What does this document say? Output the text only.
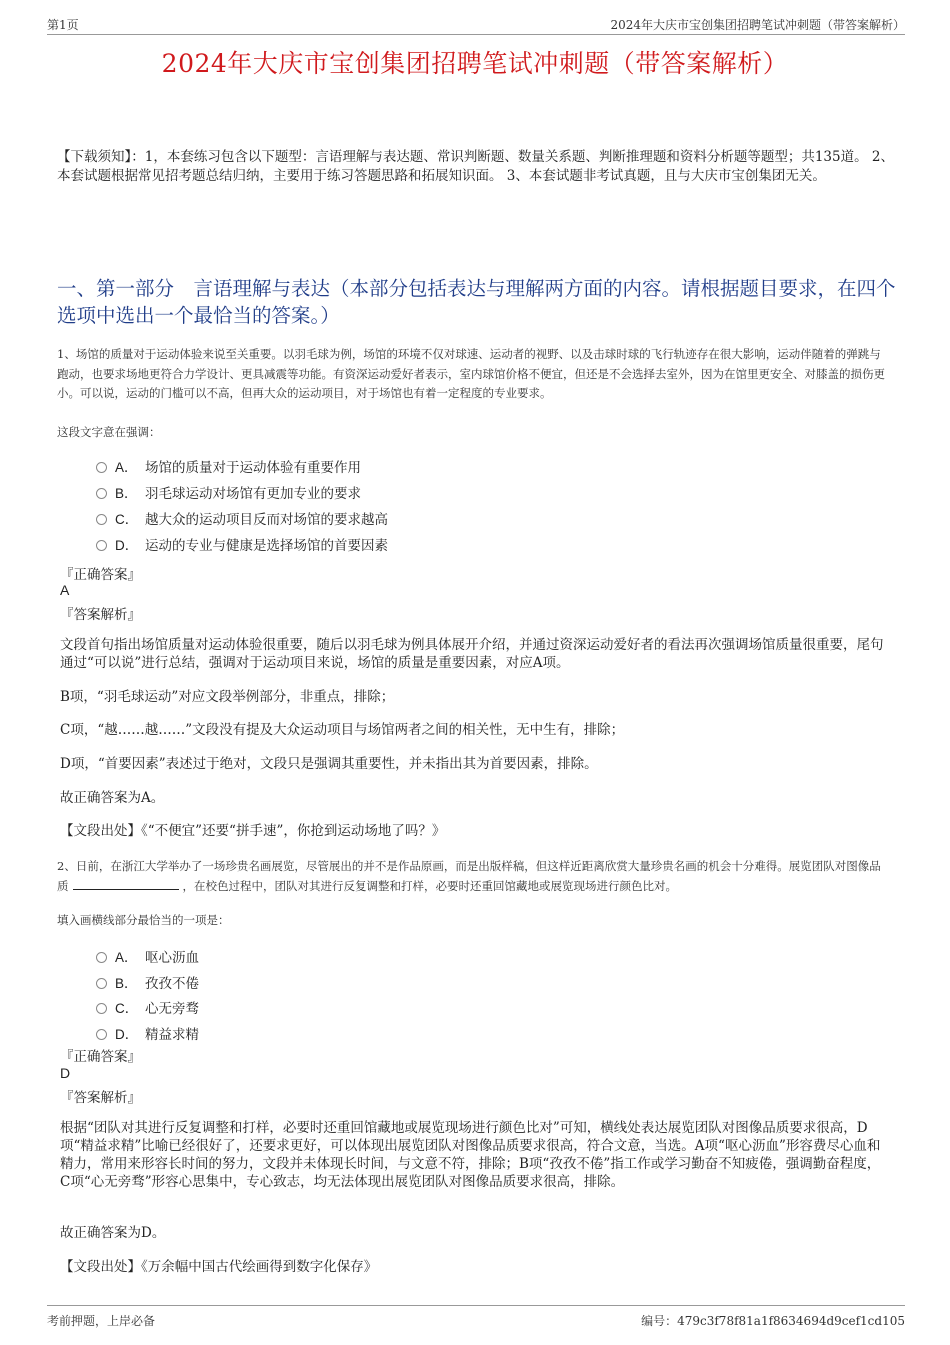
第1页	2024年大庆市宝创集团招聘笔试冲刺题（带答案解析）
2024年大庆市宝创集团招聘笔试冲刺题（带答案解析）
【下载须知】：1，本套练习包含以下题型：言语理解与表达题、常识判断题、数量关系题、判断推理题和资料分析题等题型；共135道。 2、本套试题根据常见招考题总结归纳，主要用于练习答题思路和拓展知识面。 3、本套试题非考试真题，且与大庆市宝创集团无关。
一、第一部分　言语理解与表达（本部分包括表达与理解两方面的内容。请根据题目要求，在四个选项中选出一个最恰当的答案。）
1、场馆的质量对于运动体验来说至关重要。以羽毛球为例，场馆的环境不仅对球速、运动者的视野、以及击球时球的飞行轨迹存在很大影响，运动伴随着的弹跳与跑动，也要求场地更符合力学设计、更具减震等功能。有资深运动爱好者表示，室内球馆价格不便宜，但还是不会选择去室外，因为在馆里更安全、对膝盖的损伤更小。可以说，运动的门槛可以不高，但再大众的运动项目，对于场馆也有着一定程度的专业要求。
这段文字意在强调：
A． 场馆的质量对于运动体验有重要作用
B． 羽毛球运动对场馆有更加专业的要求
C． 越大众的运动项目反而对场馆的要求越高
D． 运动的专业与健康是选择场馆的首要因素
『正确答案』
A
『答案解析』
文段首句指出场馆质量对运动体验很重要，随后以羽毛球为例具体展开介绍，并通过资深运动爱好者的看法再次强调场馆质量很重要，尾句通过“可以说”进行总结，强调对于运动项目来说，场馆的质量是重要因素，对应A项。
B项，“羽毛球运动”对应文段举例部分，非重点，排除；
C项，“越……越……”文段没有提及大众运动项目与场馆两者之间的相关性，无中生有，排除；
D项，“首要因素”表述过于绝对，文段只是强调其重要性，并未指出其为首要因素，排除。
故正确答案为A。
【文段出处】《“不便宜”还要“拼手速”，你抢到运动场地了吗？》
2、日前，在浙江大学举办了一场珍贵名画展览，尽管展出的并不是作品原画，而是出版样稿，但这样近距离欣赏大量珍贵名画的机会十分难得。展览团队对图像品质	，在校色过程中，团队对其进行反复调整和打样，必要时还重回馆藏地或展览现场进行颜色比对。
填入画横线部分最恰当的一项是：
A． 呕心沥血
B． 孜孜不倦
C． 心无旁骛
D． 精益求精
『正确答案』
D
『答案解析』
根据“团队对其进行反复调整和打样，必要时还重回馆藏地或展览现场进行颜色比对”可知，横线处表达展览团队对图像品质要求很高，D项“精益求精”比喻已经很好了，还要求更好，可以体现出展览团队对图像品质要求很高，符合文意，当选。A项“呕心沥血”形容费尽心血和精力，常用来形容长时间的努力，文段并未体现长时间，与文意不符，排除；B项“孜孜不倦”指工作或学习勤奋不知疲倦，强调勤奋程度，C项“心无旁骛”形容心思集中，专心致志，均无法体现出展览团队对图像品质要求很高，排除。
故正确答案为D。
【文段出处】《万余幅中国古代绘画得到数字化保存》
考前押题，上岸必备	编号：479c3f78f81a1f8634694d9cef1cd105
